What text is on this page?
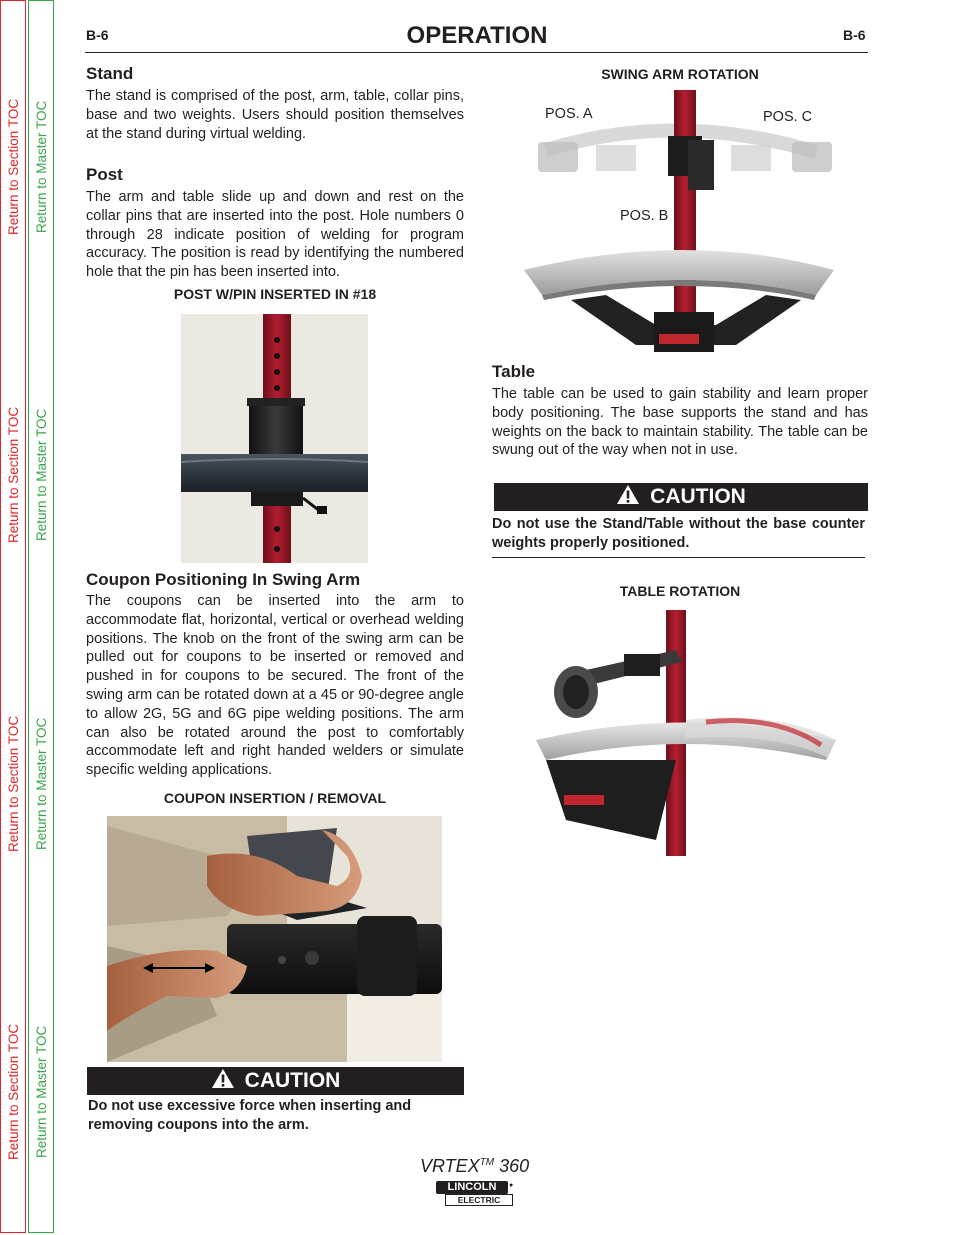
Return to Section TOC
Return to Section TOC
Return to Section TOC
Return to Section TOC
Return to Master TOC
Return to Master TOC
Return to Master TOC
Return to Master TOC
B-6	OPERATION	B-6
Stand

The stand is comprised of the post, arm, table, collar pins, base and two weights. Users should position themselves at the stand during virtual welding.

Post

The arm and table slide up and down and rest on the collar pins that are inserted into the post. Hole numbers 0 through 28 indicate position of welding for program accuracy. The position is read by identifying the numbered hole that the pin has been inserted into.

POST W/PIN INSERTED IN #18
Coupon Positioning In Swing Arm

The coupons can be inserted into the arm to accommodate flat, horizontal, vertical or overhead welding positions. The knob on the front of the swing arm can be pulled out for coupons to be inserted or removed and pushed in for coupons to be secured. The front of the swing arm can be rotated down at a 45 or 90-degree angle to allow 2G, 5G and 6G pipe welding positions. The arm can also be rotated around the post to comfortably accommodate left and right handed welders or simulate specific welding applications.

COUPON INSERTION / REMOVAL
CAUTION

Do not use excessive force when inserting and removing coupons into the arm.

SWING ARM ROTATION
POS. A	POS. C
POS. B
Table

The table can be used to gain stability and learn proper body positioning. The base supports the stand and has weights on the back to maintain stability. The table can be swung out of the way when not in use.

CAUTION

Do not use the Stand/Table without the base counter weights properly positioned.

TABLE ROTATION
VRTEX™ 360
LINCOLN
ELECTRIC
●
